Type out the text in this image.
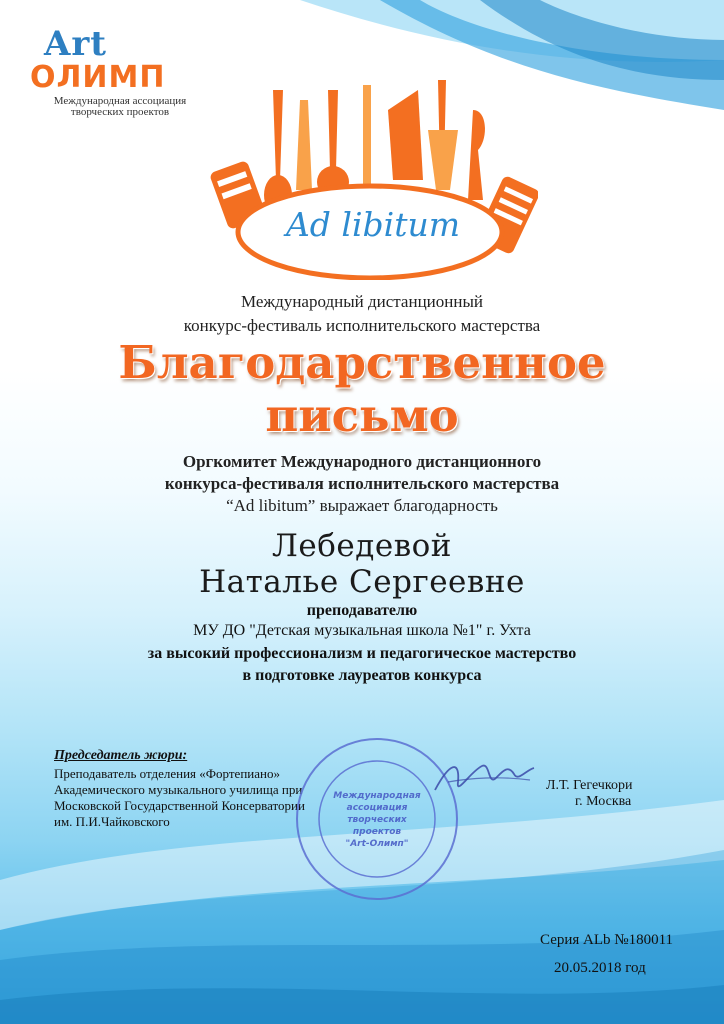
Art
ОЛИМП
Международная ассоциация
творческих проектов
Ad libitum
Международный дистанционный
конкурс-фестиваль исполнительского мастерства
Благодарственное
письмо
Оргкомитет Международного дистанционного
конкурса-фестиваля исполнительского мастерства
“Ad libitum” выражает благодарность
Лебедевой
Наталье Сергеевне
преподавателю
МУ ДО "Детская музыкальная школа №1" г. Ухта
за высокий профессионализм и педагогическое мастерство
в подготовке лауреатов конкурса
Председатель жюри:
Преподаватель отделения «Фортепиано»
Академического музыкального училища при
Московской Государственной Консерватории
им. П.И.Чайковского
Международная
ассоциация
творческих
проектов
"Art-Олимп"
Л.Т. Гегечкори
г. Москва
Серия ALb №180011
20.05.2018 год
